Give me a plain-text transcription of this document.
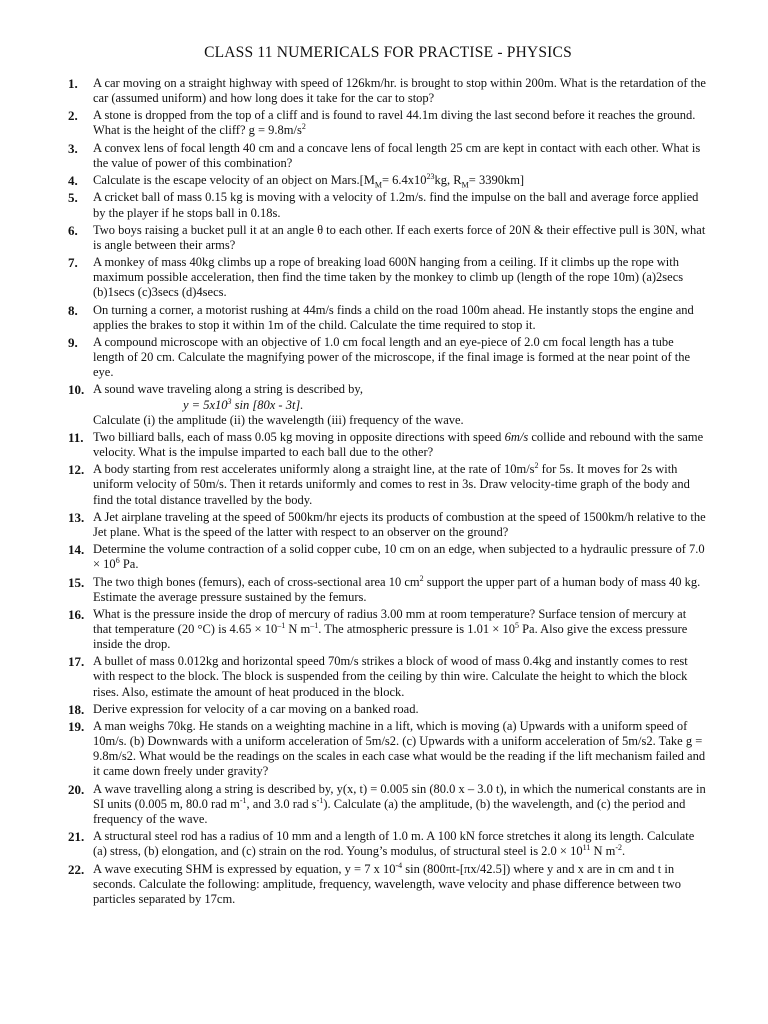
CLASS 11 NUMERICALS FOR PRACTISE - PHYSICS
1.	A car moving on a straight highway with speed of 126km/hr. is brought to stop within 200m. What is the retardation of the car (assumed uniform) and how long does it take for the car to stop?
2.	A stone is dropped from the top of a cliff and is found to ravel 44.1m diving the last second before it reaches the ground. What is the height of the cliff? $g = 9.8m/s^2$
3.	A convex lens of focal length 40 cm and a concave lens of focal length 25 cm are kept in contact with each other. What is the value of power of this combination?
4.	Calculate is the escape velocity of an object on $Mars.[M_M= 6.4x10^{23}kg$, $R_M= 3390km$]
5.	A cricket ball of mass 0.15 kg is moving with a velocity of 1.2m/s. find the impulse on the ball and average force applied by the player if he stops ball in 0.18s.
6.	Two boys raising a bucket pull it at an angle θ to each other. If each exerts force of 20N & their effective pull is 30N, what is angle between their arms?
7.	A monkey of mass 40kg climbs up a rope of breaking load 600N hanging from a ceiling. If it climbs up the rope with maximum possible acceleration, then find the time taken by the monkey to climb up (length of the rope 10m) (a)2secs (b)1secs (c)3secs (d)4secs.
8.	On turning a corner, a motorist rushing at 44m/s finds a child on the road 100m ahead. He instantly stops the engine and applies the brakes to stop it within 1m of the child. Calculate the time required to stop it.
9.	A compound microscope with an objective of 1.0 cm focal length and an eye-piece of 2.0 cm focal length has a tube length of 20 cm. Calculate the magnifying power of the microscope, if the final image is formed at the near point of the eye.
10. A sound wave traveling along a string is described by,
$y = 5x10^3$ sin [80x - 3t].
Calculate (i) the amplitude (ii) the wavelength (iii) frequency of the wave.
11. Two billiard balls, each of mass 0.05 kg moving in opposite directions with speed 6m/s collide and rebound with the same velocity. What is the impulse imparted to each ball due to the other?
12. A body starting from rest accelerates uniformly along a straight line, at the rate of $10m/s^2$ for 5s. It moves for 2s with uniform velocity of 50m/s. Then it retards uniformly and comes to rest in 3s. Draw velocity-time graph of the body and find the total distance travelled by the body.
13. A Jet airplane traveling at the speed of 500km/hr ejects its products of combustion at the speed of 1500km/h relative to the Jet plane. What is the speed of the latter with respect to an observer on the ground?
14. Determine the volume contraction of a solid copper cube, 10 cm on an edge, when subjected to a hydraulic pressure of $7.0 \times 10^6$ Pa.
15. The two thigh bones (femurs), each of cross-sectional area 10 $cm^2$ support the upper part of a human body of mass 40 kg. Estimate the average pressure sustained by the femurs.
16. What is the pressure inside the drop of mercury of radius 3.00 mm at room temperature? Surface tension of mercury at that temperature (20 °C) is $4.65 \times 10^{-1}$ N $m^{-1}$. The atmospheric pressure is $1.01 \times 10^5$ Pa. Also give the excess pressure inside the drop.
17. A bullet of mass 0.012kg and horizontal speed 70m/s strikes a block of wood of mass 0.4kg and instantly comes to rest with respect to the block. The block is suspended from the ceiling by thin wire. Calculate the height to which the block rises. Also, estimate the amount of heat produced in the block.
18. Derive expression for velocity of a car moving on a banked road.
19. A man weighs 70kg. He stands on a weighting machine in a lift, which is moving (a) Upwards with a uniform speed of 10m/s. (b) Downwards with a uniform acceleration of 5m/s2. (c) Upwards with a uniform acceleration of 5m/s2. Take g = 9.8m/s2. What would be the readings on the scales in each case what would be the reading if the lift mechanism failed and it came down freely under gravity?
20. A wave travelling along a string is described by, y(x, t) = 0.005 sin (80.0 x – 3.0 t), in which the numerical constants are in SI units (0.005 m, 80.0 rad $m^{-1}$, and 3.0 rad $s^{-1}$). Calculate (a) the amplitude, (b) the wavelength, and (c) the period and frequency of the wave.
21. A structural steel rod has a radius of 10 mm and a length of 1.0 m. A 100 kN force stretches it along its length. Calculate (a) stress, (b) elongation, and (c) strain on the rod. Young’s modulus, of structural steel is $2.0 \times 10^{11}$ N $m^{-2}$.
22. A wave executing SHM is expressed by equation, y = 7 x $10^{-4}$ sin (800πt-[πx/42.5]) where y and x are in cm and t in seconds. Calculate the following: amplitude, frequency, wavelength, wave velocity and phase difference between two particles separated by 17cm.
